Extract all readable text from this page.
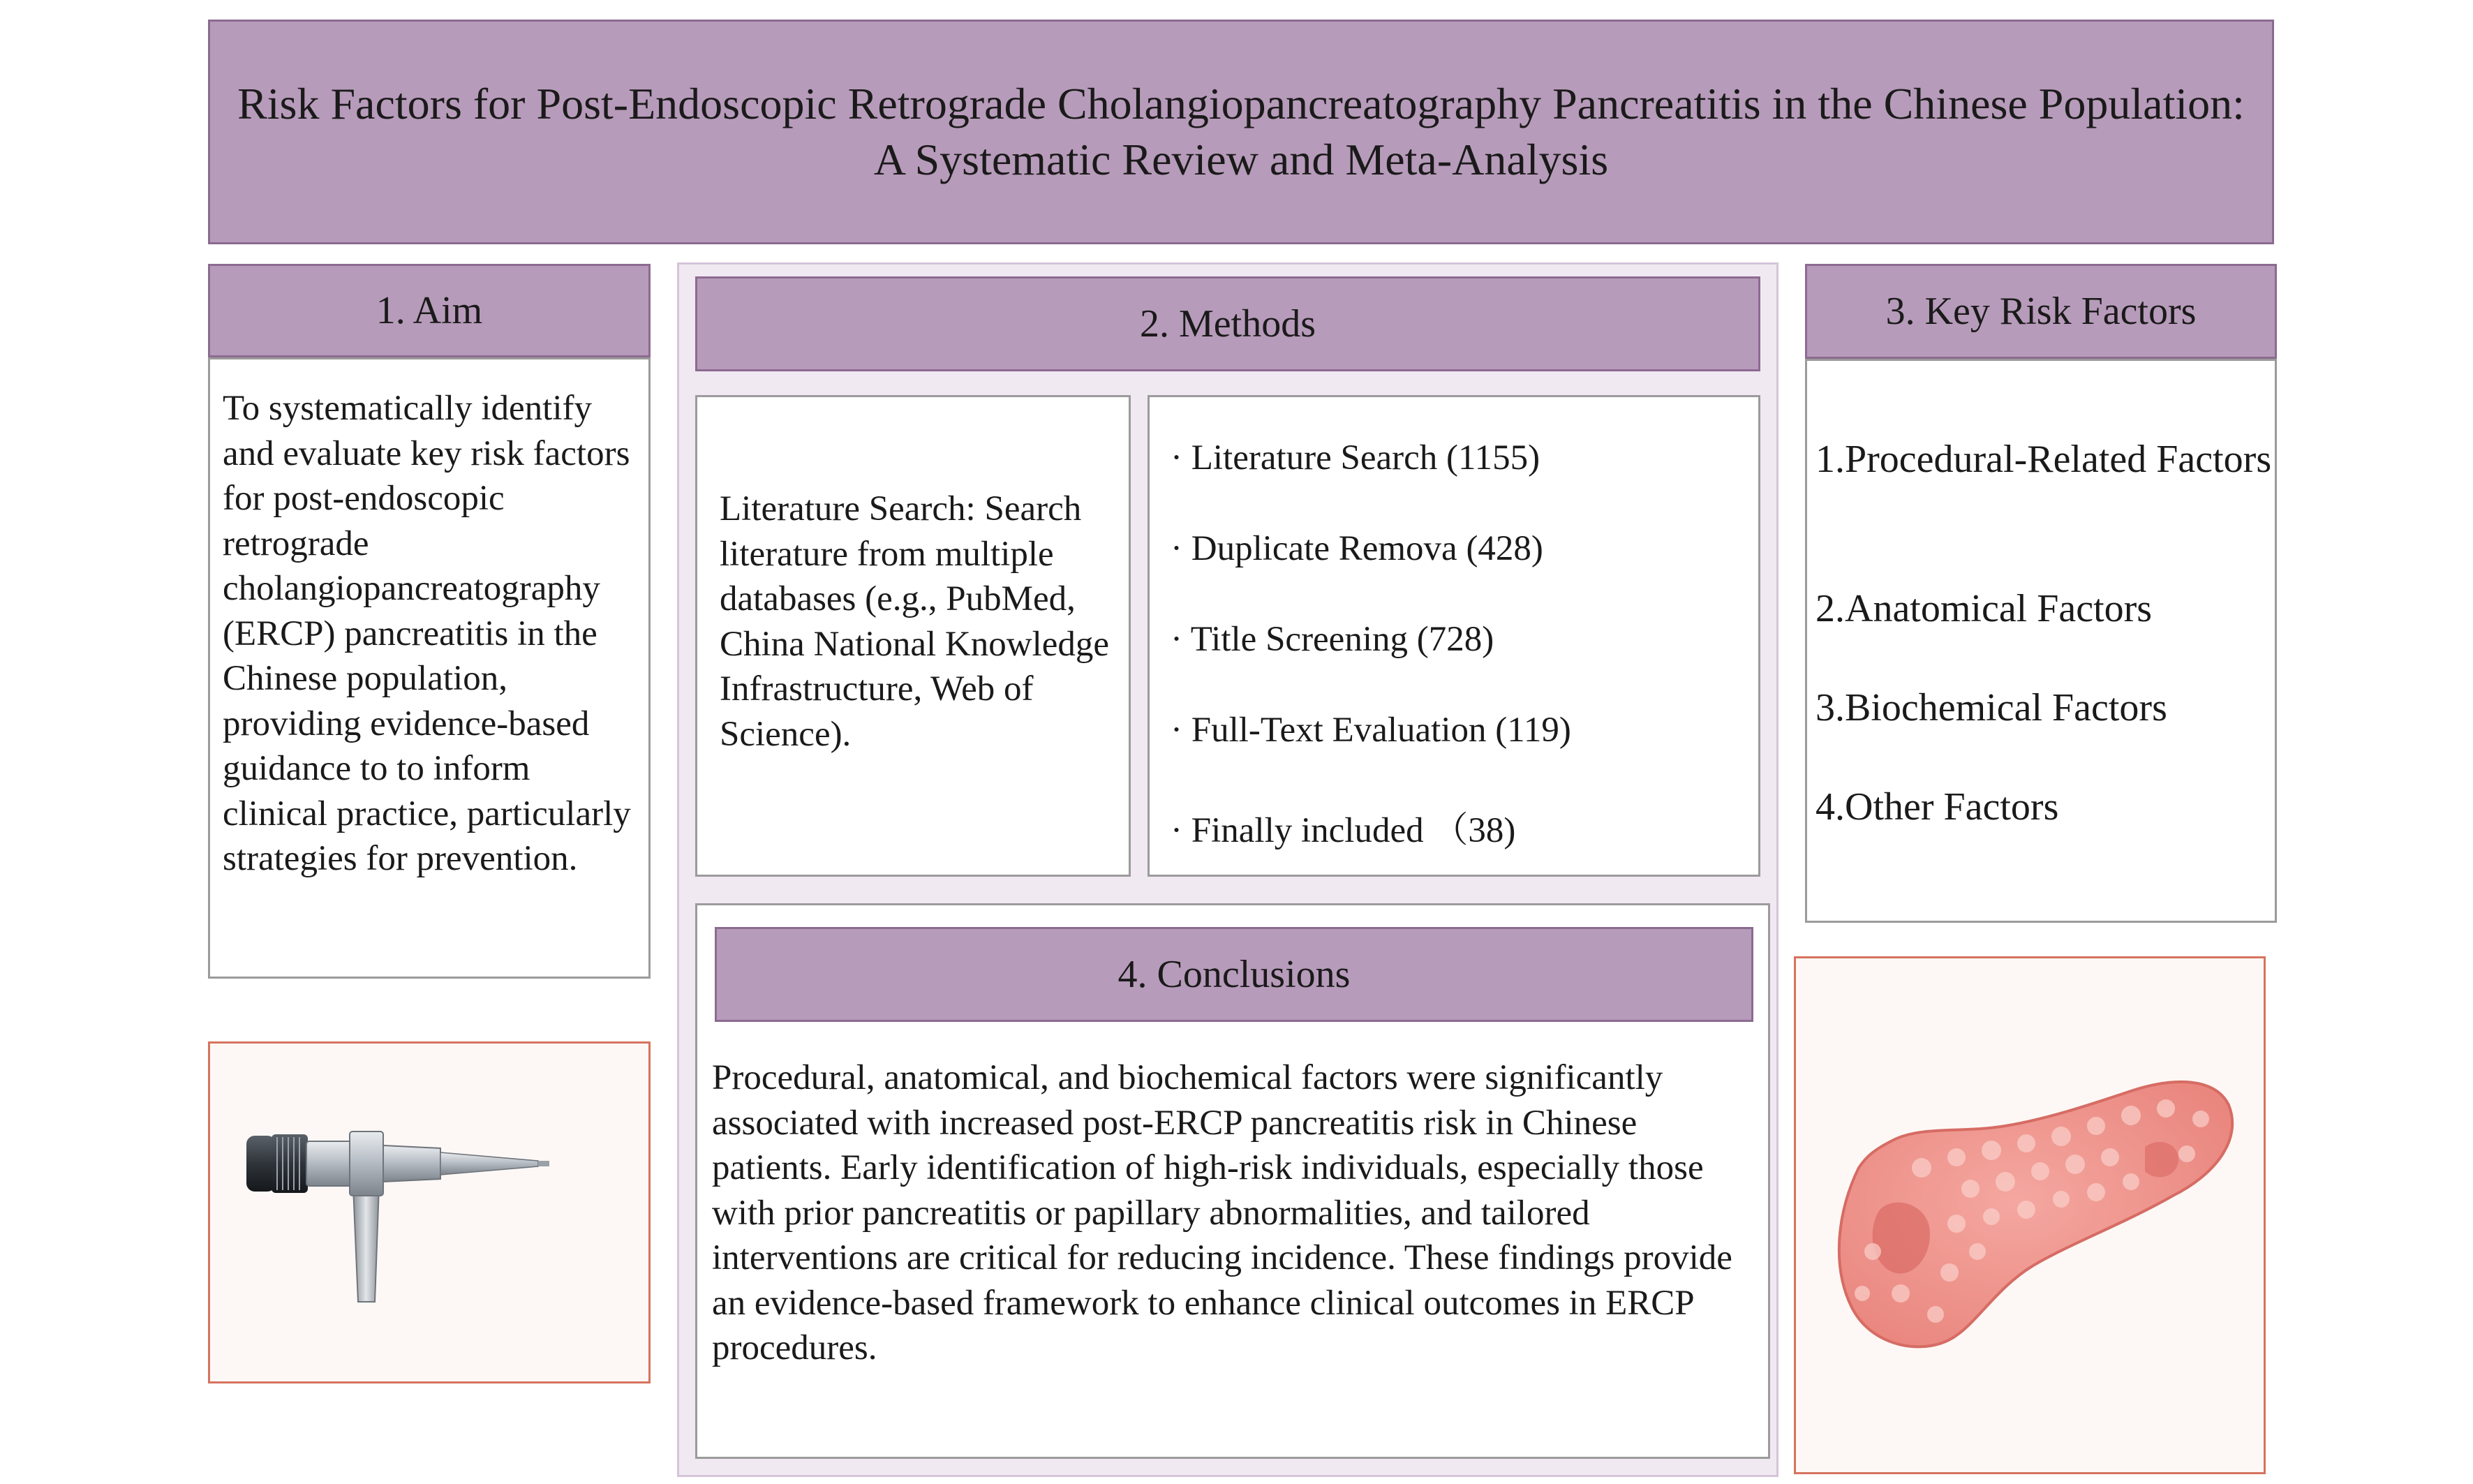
Risk Factors for Post-Endoscopic Retrograde Cholangiopancreatography Pancreatitis in the Chinese Population:
A Systematic Review and Meta-Analysis
1. Aim
To systematically identify and evaluate key risk factors for post-endoscopic retrograde cholangiopancreatography (ERCP) pancreatitis in the Chinese population, providing evidence-based guidance to to inform clinical practice, particularly strategies for prevention.
2. Methods
Literature Search: Search literature from multiple databases (e.g., PubMed, China National Knowledge Infrastructure, Web of Science).
· Literature Search (1155)
· Duplicate Remova (428)
· Title Screening (728)
· Full-Text Evaluation (119)
· Finally included （38)
4. Conclusions
Procedural, anatomical, and biochemical factors were significantly associated with increased post-ERCP pancreatitis risk in Chinese patients. Early identification of high-risk individuals, especially those with prior pancreatitis or papillary abnormalities, and tailored interventions are critical for reducing incidence. These findings provide an evidence-based framework to enhance clinical outcomes in ERCP procedures.
3. Key Risk Factors
1.Procedural-Related Factors
2.Anatomical Factors
3.Biochemical Factors
4.Other Factors
